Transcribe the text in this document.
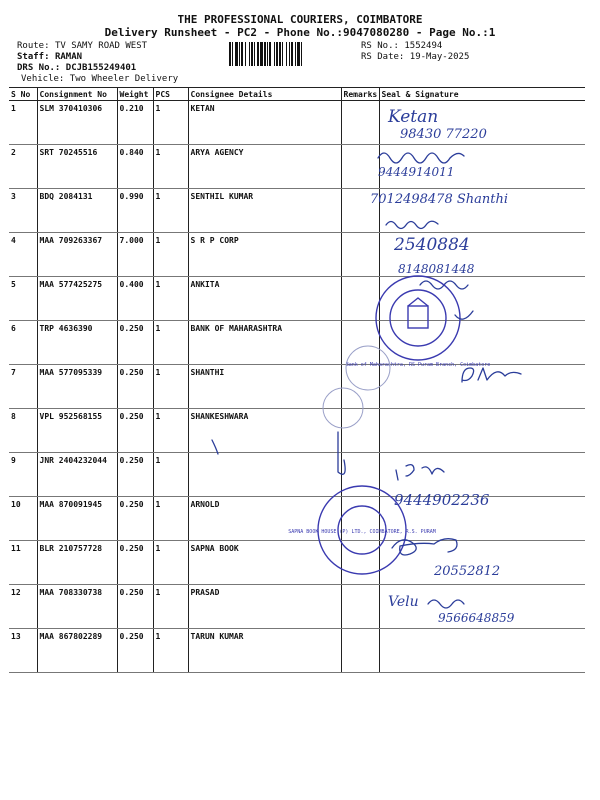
THE PROFESSIONAL COURIERS, COIMBATORE
Delivery Runsheet - PC2 - Phone No.:9047080280 - Page No.:1
Route: TV SAMY ROAD WEST
Staff: RAMAN
DRS No.: DCJB155249401
Vehicle: Two Wheeler Delivery
RS No.: 1552494
RS Date: 19-May-2025
S No	Consignment No	Weight	PCS	Consignee Details	Remarks	Seal & Signature
1	SLM 370410306	0.210	1	KETAN		
2	SRT 70245516	0.840	1	ARYA AGENCY		
3	BDQ 2084131	0.990	1	SENTHIL KUMAR		
4	MAA 709263367	7.000	1	S R P CORP		
5	MAA 577425275	0.400	1	ANKITA		
6	TRP 4636390	0.250	1	BANK OF MAHARASHTRA		
7	MAA 577095339	0.250	1	SHANTHI		
8	VPL 952568155	0.250	1	SHANKESHWARA		
9	JNR 2404232044	0.250	1			
10	MAA 870091945	0.250	1	ARNOLD		
11	BLR 210757728	0.250	1	SAPNA BOOK		
12	MAA 708330738	0.250	1	PRASAD		
13	MAA 867802289	0.250	1	TARUN KUMAR		
Ketan
98430 77220
9444914011
7012498478 Shanthi
2540884
8148081448
Bank of Maharashtra, RS Puram Branch, Coimbatore
9444902236
SAPNA BOOK HOUSE (P) LTD., COIMBATORE, R.S. PURAM
20552812
Velu
9566648859
